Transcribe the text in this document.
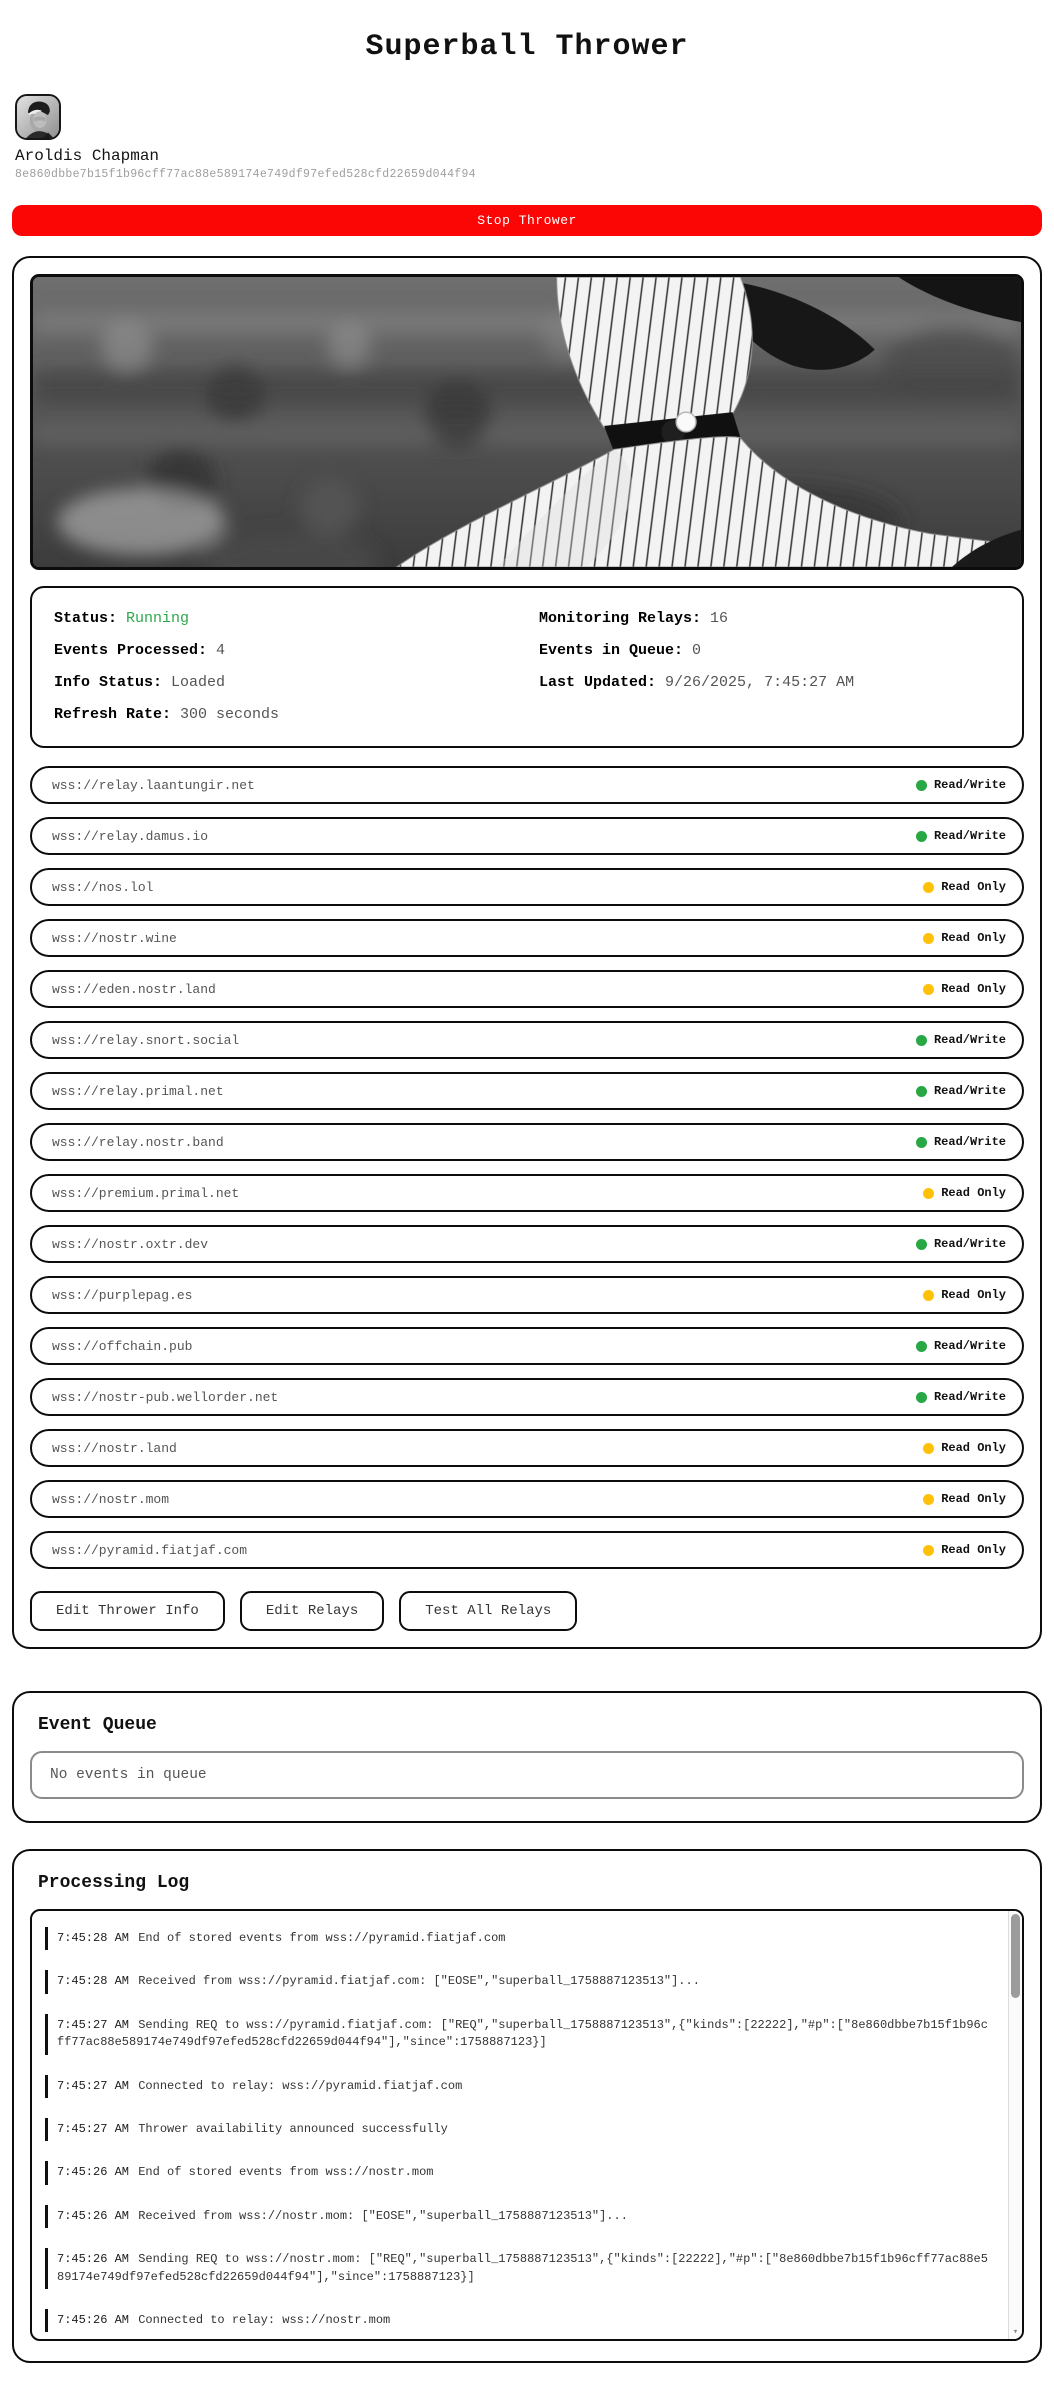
Superball Thrower
Aroldis Chapman
8e860dbbe7b15f1b96cff77ac88e589174e749df97efed528cfd22659d044f94
Stop Thrower
Status: Running
Events Processed: 4
Info Status: Loaded
Refresh Rate: 300 seconds
Monitoring Relays: 16
Events in Queue: 0
Last Updated: 9/26/2025, 7:45:27 AM
wss://relay.laantungir.net	Read/Write
wss://relay.damus.io	Read/Write
wss://nos.lol	Read Only
wss://nostr.wine	Read Only
wss://eden.nostr.land	Read Only
wss://relay.snort.social	Read/Write
wss://relay.primal.net	Read/Write
wss://relay.nostr.band	Read/Write
wss://premium.primal.net	Read Only
wss://nostr.oxtr.dev	Read/Write
wss://purplepag.es	Read Only
wss://offchain.pub	Read/Write
wss://nostr-pub.wellorder.net	Read/Write
wss://nostr.land	Read Only
wss://nostr.mom	Read Only
wss://pyramid.fiatjaf.com	Read Only
Edit Thrower Info	Edit Relays	Test All Relays
Event Queue
No events in queue
Processing Log
7:45:28 AM End of stored events from wss://pyramid.fiatjaf.com
7:45:28 AM Received from wss://pyramid.fiatjaf.com: ["EOSE","superball_1758887123513"]...
7:45:27 AM Sending REQ to wss://pyramid.fiatjaf.com: ["REQ","superball_1758887123513",{"kinds":[22222],"#p":["8e860dbbe7b15f1b96cff77ac88e589174e749df97efed528cfd22659d044f94"],"since":1758887123}]
7:45:27 AM Connected to relay: wss://pyramid.fiatjaf.com
7:45:27 AM Thrower availability announced successfully
7:45:26 AM End of stored events from wss://nostr.mom
7:45:26 AM Received from wss://nostr.mom: ["EOSE","superball_1758887123513"]...
7:45:26 AM Sending REQ to wss://nostr.mom: ["REQ","superball_1758887123513",{"kinds":[22222],"#p":["8e860dbbe7b15f1b96cff77ac88e589174e749df97efed528cfd22659d044f94"],"since":1758887123}]
7:45:26 AM Connected to relay: wss://nostr.mom
▾
